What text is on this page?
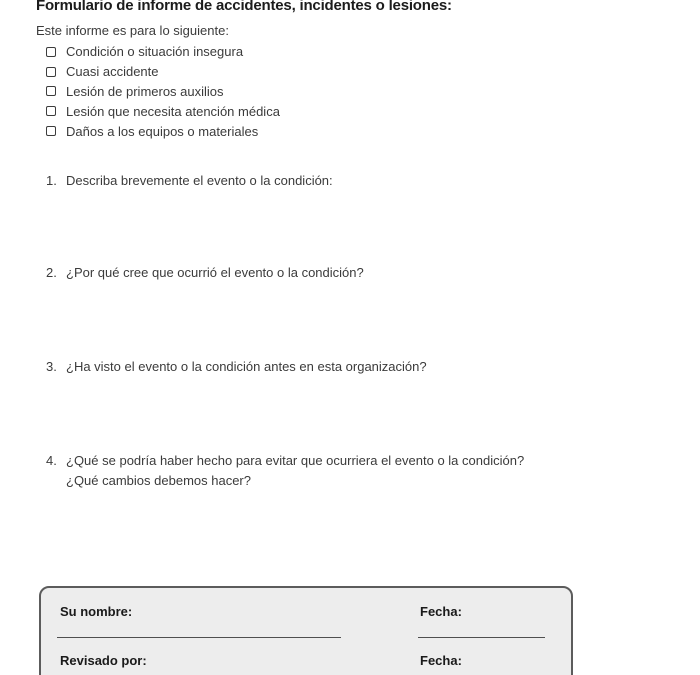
Formulario de informe de accidentes, incidentes o lesiones:
Este informe es para lo siguiente:
Condición o situación insegura
Cuasi accidente
Lesión de primeros auxilios
Lesión que necesita atención médica
Daños a los equipos o materiales
1. Describa brevemente el evento o la condición:
2. ¿Por qué cree que ocurrió el evento o la condición?
3. ¿Ha visto el evento o la condición antes en esta organización?
4. ¿Qué se podría haber hecho para evitar que ocurriera el evento o la condición?
¿Qué cambios debemos hacer?
Su nombre:	Fecha:
Revisado por:	Fecha:
